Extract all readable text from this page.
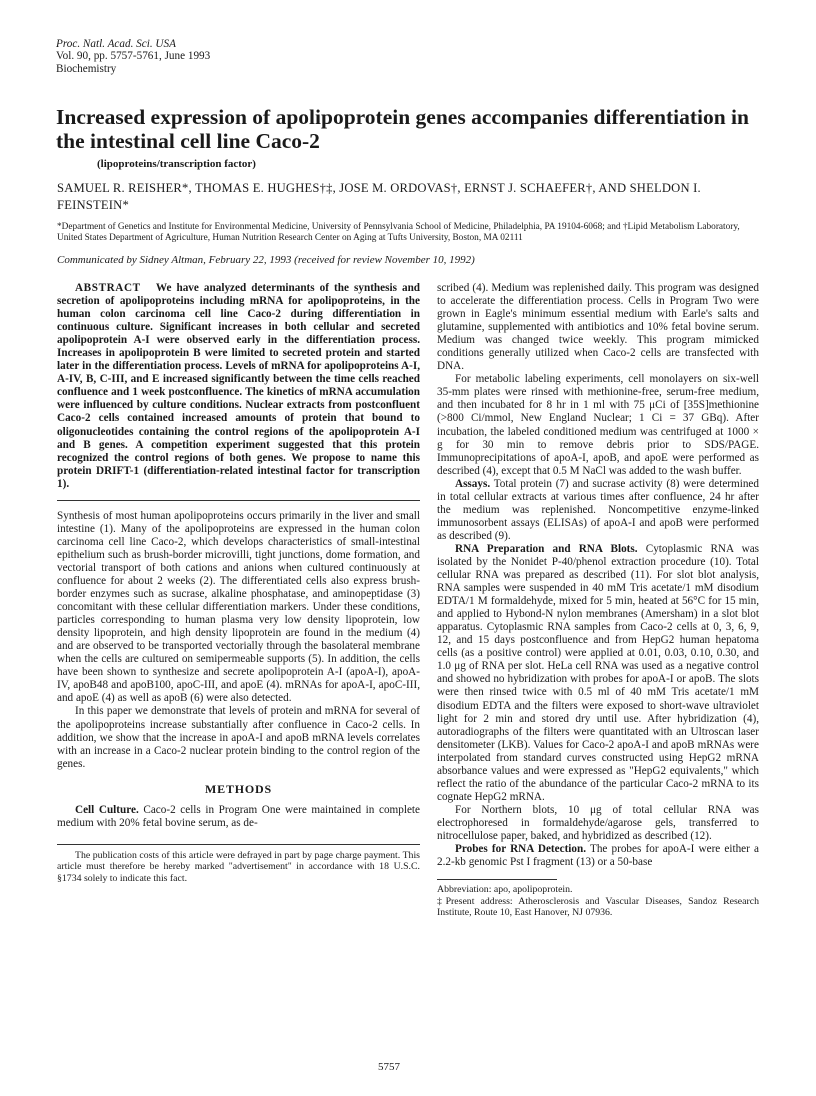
Proc. Natl. Acad. Sci. USA
Vol. 90, pp. 5757-5761, June 1993
Biochemistry
Increased expression of apolipoprotein genes accompanies differentiation in the intestinal cell line Caco-2
(lipoproteins/transcription factor)
SAMUEL R. REISHER*, THOMAS E. HUGHES†‡, JOSE M. ORDOVAS†, ERNST J. SCHAEFER†, AND SHELDON I. FEINSTEIN*
*Department of Genetics and Institute for Environmental Medicine, University of Pennsylvania School of Medicine, Philadelphia, PA 19104-6068; and †Lipid Metabolism Laboratory, United States Department of Agriculture, Human Nutrition Research Center on Aging at Tufts University, Boston, MA 02111
Communicated by Sidney Altman, February 22, 1993 (received for review November 10, 1992)

ABSTRACT We have analyzed determinants of the synthesis and secretion of apolipoproteins including mRNA for apolipoproteins, in the human colon carcinoma cell line Caco-2 during differentiation in continuous culture. Significant increases in both cellular and secreted apolipoprotein A-I were observed early in the differentiation process. Increases in apolipoprotein B were limited to secreted protein and started later in the differentiation process. Levels of mRNA for apolipoproteins A-I, A-IV, B, C-III, and E increased significantly between the time cells reached confluence and 1 week postconfluence. The kinetics of mRNA accumulation were influenced by culture conditions. Nuclear extracts from postconfluent Caco-2 cells contained increased amounts of protein that bound to oligonucleotides containing the control regions of the apolipoprotein A-I and B genes. A competition experiment suggested that this protein recognized the control regions of both genes. We propose to name this protein DRIFT-1 (differentiation-related intestinal factor for transcription 1).

Synthesis of most human apolipoproteins occurs primarily in the liver and small intestine (1). Many of the apolipoproteins are expressed in the human colon carcinoma cell line Caco-2, which develops characteristics of small-intestinal epithelium such as brush-border microvilli, tight junctions, dome formation, and vectorial transport of both cations and anions when cultured continuously at confluence for about 2 weeks (2). The differentiated cells also express brush-border enzymes such as sucrase, alkaline phosphatase, and aminopeptidase (3) concomitant with these cellular differentiation markers. Under these conditions, particles corresponding to human plasma very low density lipoprotein, low density lipoprotein, and high density lipoprotein are found in the medium (4) and are observed to be transported vectorially through the basolateral membrane when the cells are cultured on semipermeable supports (5). In addition, the cells have been shown to synthesize and secrete apolipoprotein A-I (apoA-I), apoA-IV, apoB48 and apoB100, apoC-III, and apoE (4). mRNAs for apoA-I, apoC-III, and apoE (4) as well as apoB (6) were also detected.

In this paper we demonstrate that levels of protein and mRNA for several of the apolipoproteins increase substantially after confluence in Caco-2 cells. In addition, we show that the increase in apoA-I and apoB mRNA levels correlates with an increase in a Caco-2 nuclear protein binding to the control region of the genes.

METHODS

Cell Culture. Caco-2 cells in Program One were maintained in complete medium with 20% fetal bovine serum, as de-

The publication costs of this article were defrayed in part by page charge payment. This article must therefore be hereby marked "advertisement" in accordance with 18 U.S.C. §1734 solely to indicate this fact.

scribed (4). Medium was replenished daily. This program was designed to accelerate the differentiation process. Cells in Program Two were grown in Eagle's minimum essential medium with Earle's salts and glutamine, supplemented with antibiotics and 10% fetal bovine serum. Medium was changed twice weekly. This program mimicked conditions generally utilized when Caco-2 cells are transfected with DNA.

For metabolic labeling experiments, cell monolayers on six-well 35-mm plates were rinsed with methionine-free, serum-free medium, and then incubated for 8 hr in 1 ml with 75 μCi of [35S]methionine (>800 Ci/mmol, New England Nuclear; 1 Ci = 37 GBq). After incubation, the labeled conditioned medium was centrifuged at 1000 × g for 30 min to remove debris prior to SDS/PAGE. Immunoprecipitations of apoA-I, apoB, and apoE were performed as described (4), except that 0.5 M NaCl was added to the wash buffer.

Assays. Total protein (7) and sucrase activity (8) were determined in total cellular extracts at various times after confluence, 24 hr after the medium was replenished. Noncompetitive enzyme-linked immunosorbent assays (ELISAs) of apoA-I and apoB were performed as described (9).

RNA Preparation and RNA Blots. Cytoplasmic RNA was isolated by the Nonidet P-40/phenol extraction procedure (10). Total cellular RNA was prepared as described (11). For slot blot analysis, RNA samples were suspended in 40 mM Tris acetate/1 mM disodium EDTA/1 M formaldehyde, mixed for 5 min, heated at 56°C for 15 min, and applied to Hybond-N nylon membranes (Amersham) in a slot blot apparatus. Cytoplasmic RNA samples from Caco-2 cells at 0, 3, 6, 9, 12, and 15 days postconfluence and from HepG2 human hepatoma cells (as a positive control) were applied at 0.01, 0.03, 0.10, 0.30, and 1.0 μg of RNA per slot. HeLa cell RNA was used as a negative control and showed no hybridization with probes for apoA-I or apoB. The slots were then rinsed twice with 0.5 ml of 40 mM Tris acetate/1 mM disodium EDTA and the filters were exposed to short-wave ultraviolet light for 2 min and stored dry until use. After hybridization (4), autoradiographs of the filters were quantitated with an Ultroscan laser densitometer (LKB). Values for Caco-2 apoA-I and apoB mRNAs were interpolated from standard curves constructed using HepG2 mRNA absorbance values and were expressed as "HepG2 equivalents," which reflect the ratio of the abundance of the particular Caco-2 mRNA to its cognate HepG2 mRNA.

For Northern blots, 10 μg of total cellular RNA was electrophoresed in formaldehyde/agarose gels, transferred to nitrocellulose paper, baked, and hybridized as described (12).

Probes for RNA Detection. The probes for apoA-I were either a 2.2-kb genomic Pst I fragment (13) or a 50-base

Abbreviation: apo, apolipoprotein.

‡Present address: Atherosclerosis and Vascular Diseases, Sandoz Research Institute, Route 10, East Hanover, NJ 07936.

5757
